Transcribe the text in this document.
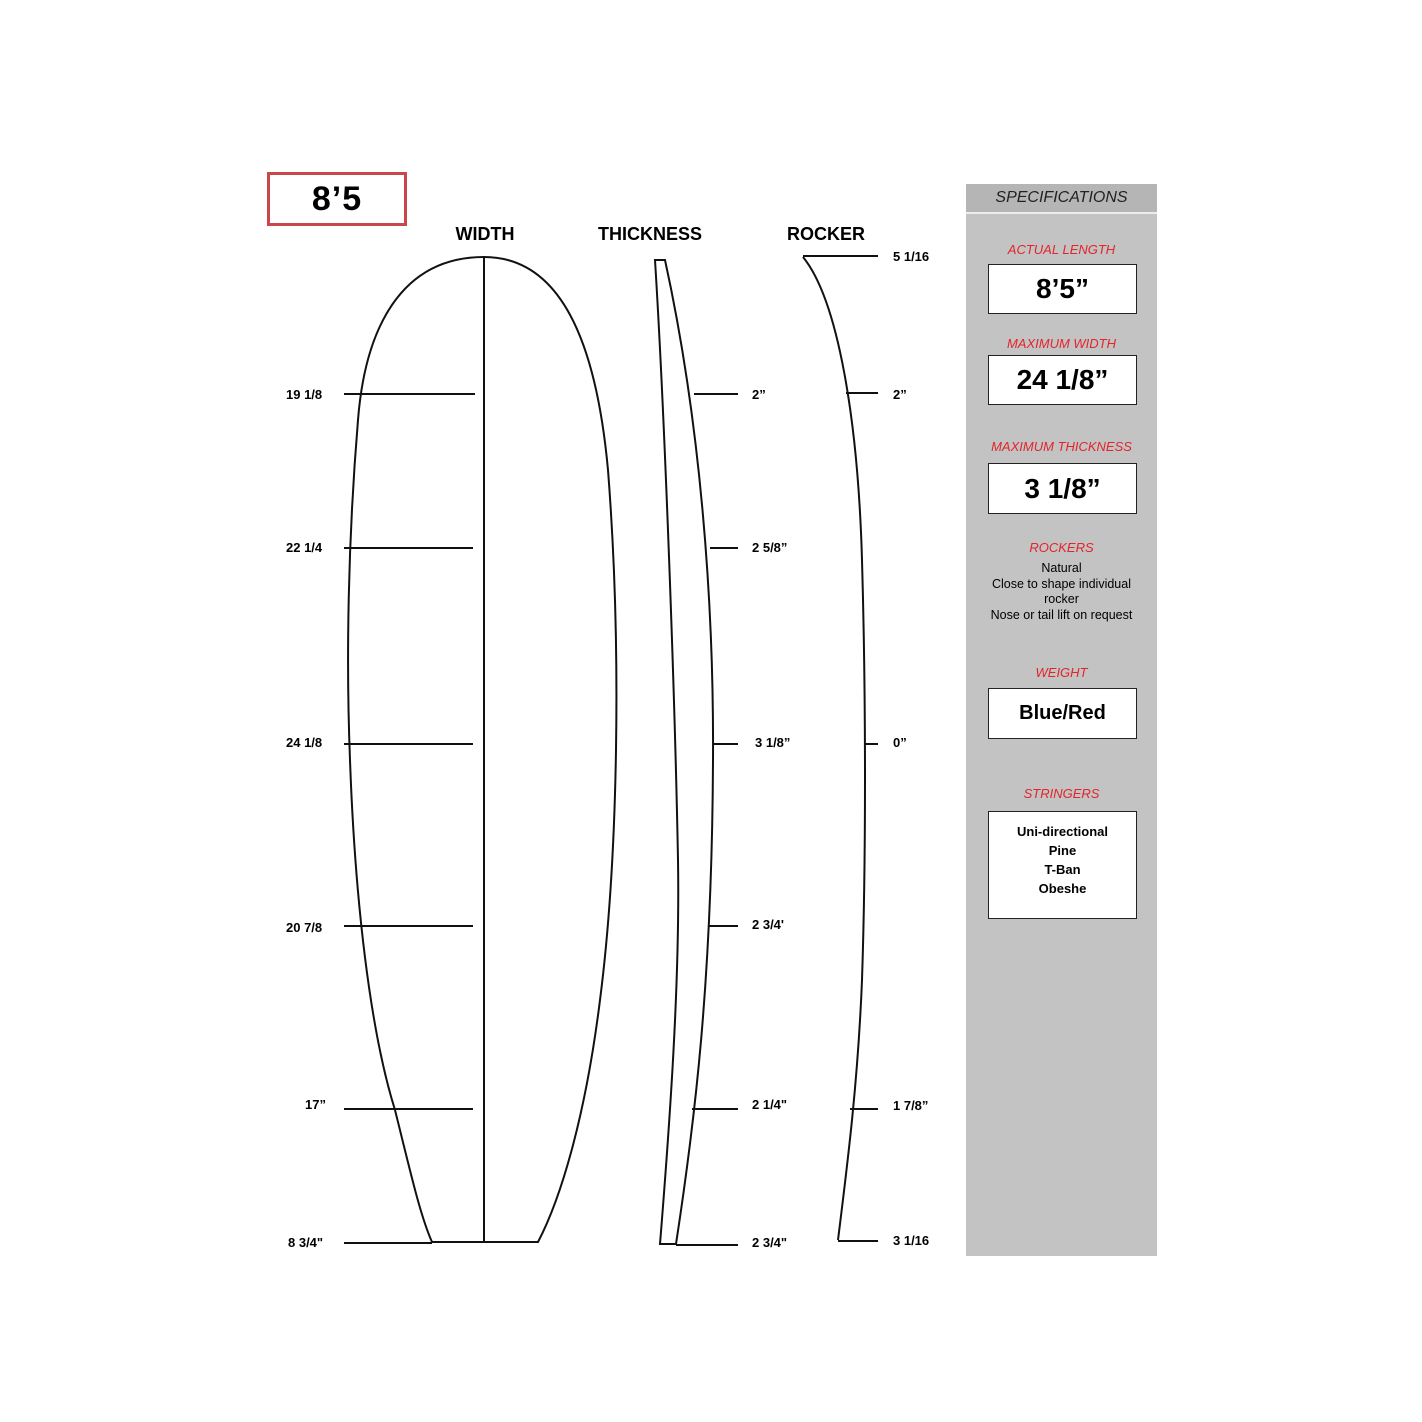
8’5
WIDTH	THICKNESS	ROCKER
19 1/8
22 1/4
24 1/8
20 7/8
17”
8 3/4"
2”
2 5/8”
3 1/8”
2 3/4'
2 1/4"
2 3/4"
5 1/16
2”
0”
1 7/8”
3 1/16
SPECIFICATIONS
ACTUAL LENGTH
8’5”
MAXIMUM WIDTH
24 1/8”
MAXIMUM THICKNESS
3 1/8”
ROCKERS
Natural
Close to shape individual
rocker
Nose or tail lift on request
WEIGHT
Blue/Red
STRINGERS
Uni-directional
Pine
T-Ban
Obeshe
